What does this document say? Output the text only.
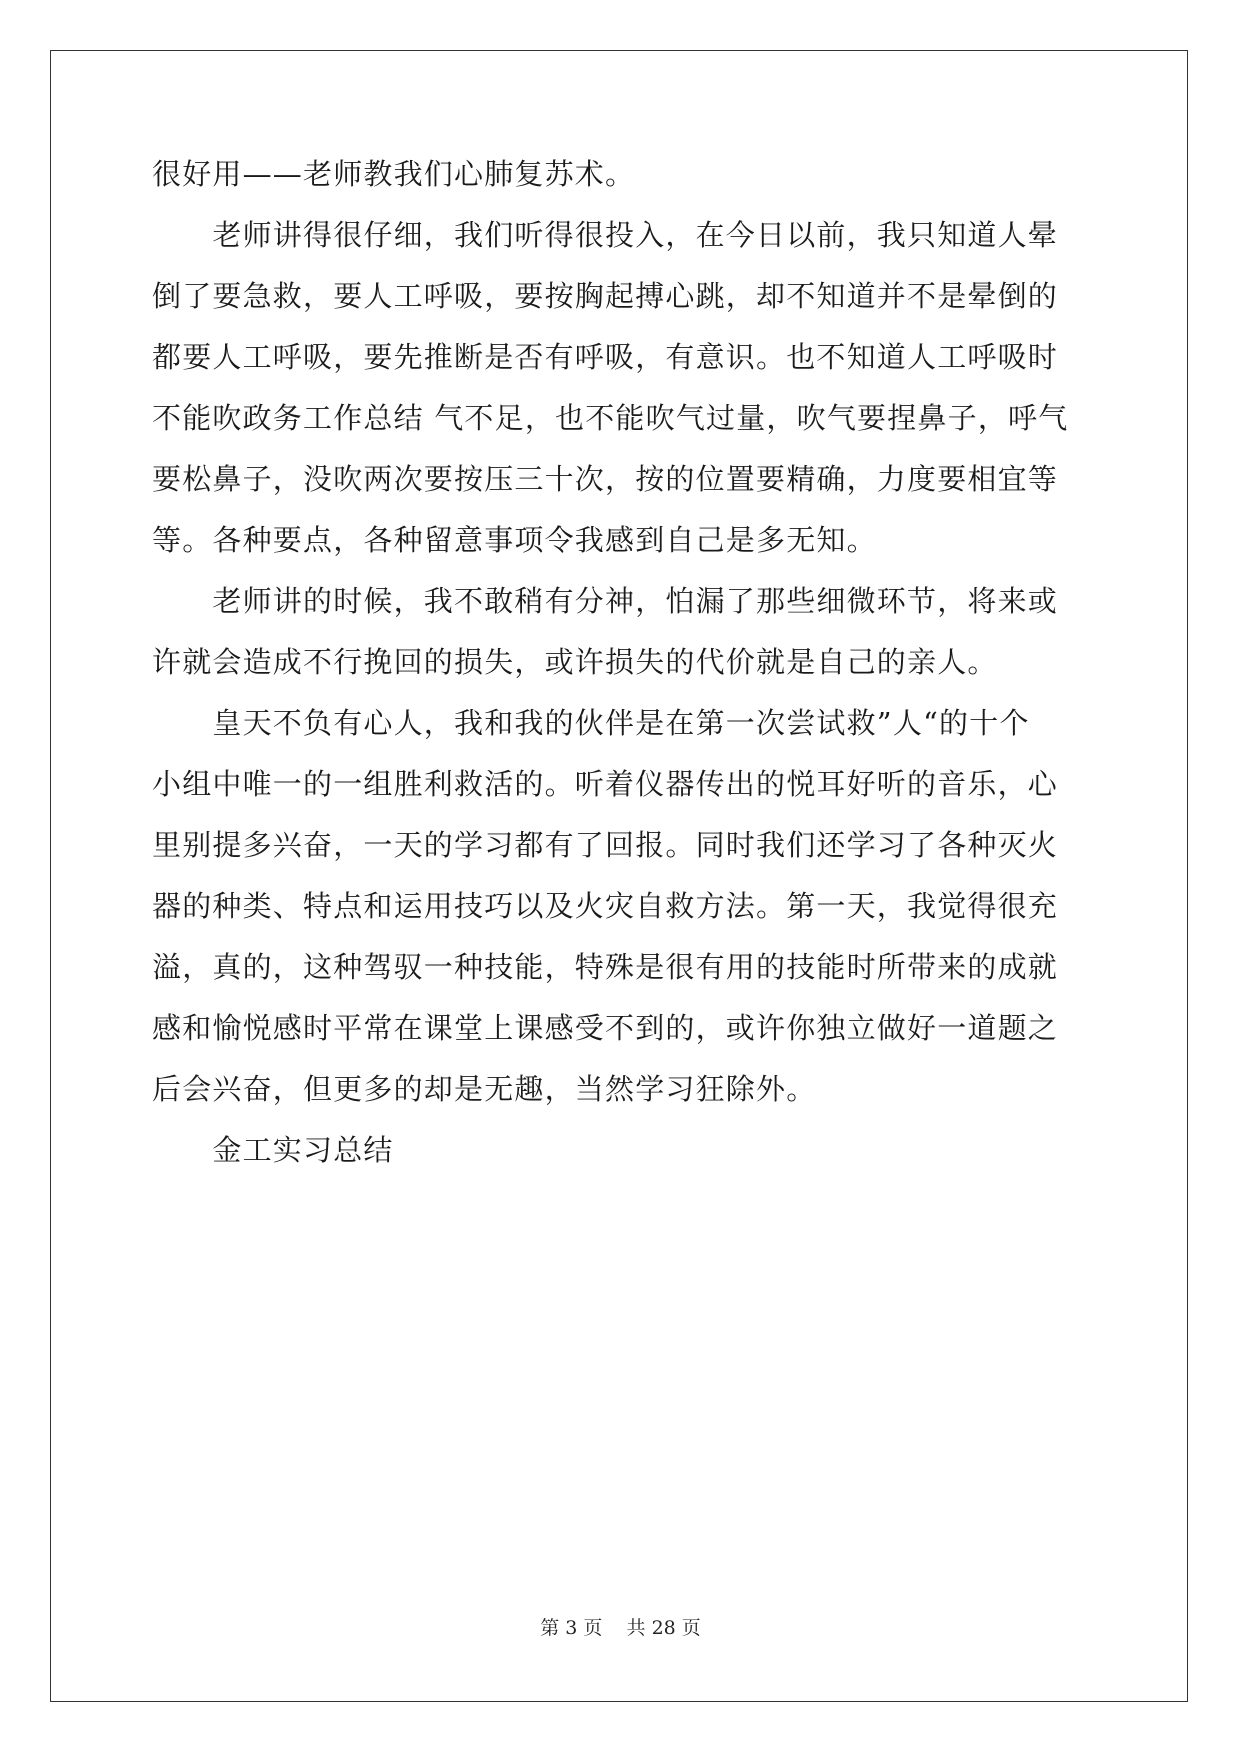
很好用——老师教我们心肺复苏术。
　　老师讲得很仔细，我们听得很投入，在今日以前，我只知道人晕
倒了要急救，要人工呼吸，要按胸起搏心跳，却不知道并不是晕倒的
都要人工呼吸，要先推断是否有呼吸，有意识。也不知道人工呼吸时
不能吹政务工作总结 气不足，也不能吹气过量，吹气要捏鼻子，呼气
要松鼻子，没吹两次要按压三十次，按的位置要精确，力度要相宜等
等。各种要点，各种留意事项令我感到自己是多无知。
　　老师讲的时候，我不敢稍有分神，怕漏了那些细微环节，将来或
许就会造成不行挽回的损失，或许损失的代价就是自己的亲人。
　　皇天不负有心人，我和我的伙伴是在第一次尝试救”人“的十个
小组中唯一的一组胜利救活的。听着仪器传出的悦耳好听的音乐，心
里别提多兴奋，一天的学习都有了回报。同时我们还学习了各种灭火
器的种类、特点和运用技巧以及火灾自救方法。第一天，我觉得很充
溢，真的，这种驾驭一种技能，特殊是很有用的技能时所带来的成就
感和愉悦感时平常在课堂上课感受不到的，或许你独立做好一道题之
后会兴奋，但更多的却是无趣，当然学习狂除外。
　　金工实习总结
第 3 页    共 28 页
